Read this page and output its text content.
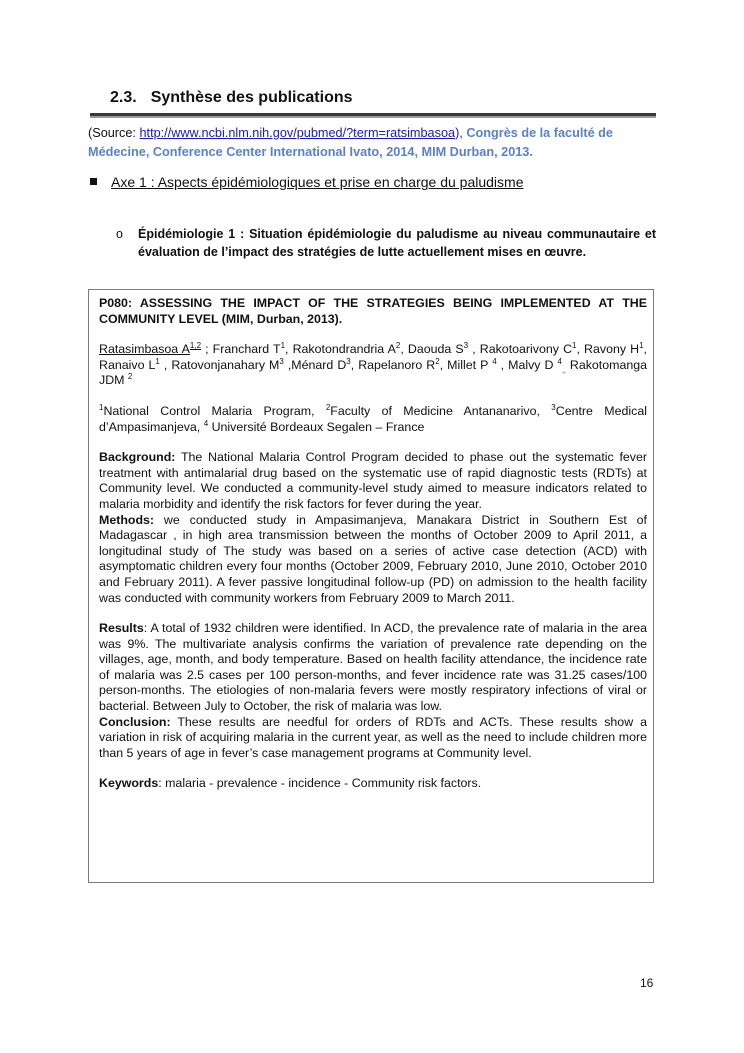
2.3. Synthèse des publications
(Source: http://www.ncbi.nlm.nih.gov/pubmed/?term=ratsimbasoa), Congrès de la faculté de Médecine, Conference Center International Ivato, 2014, MIM Durban, 2013.
Axe 1 : Aspects épidémiologiques et prise en charge du paludisme
o Épidémiologie 1 : Situation épidémiologie du paludisme au niveau communautaire et évaluation de l’impact des stratégies de lutte actuellement mises en œuvre.

P080: ASSESSING THE IMPACT OF THE STRATEGIES BEING IMPLEMENTED AT THE COMMUNITY LEVEL (MIM, Durban, 2013).

Ratasimbasoa A$^{1,2}$ ; Franchard $T^1$, Rakotondrandria $A^2$, Daouda $S^3$ , Rakotoarivony $C^1$, Ravony $H^1$, Ranaivo $L^1$ , Ratovonjanahary $M^3$ ,Ménard $D^3$, Rapelanoro $R^2$, Millet P $^4$ , Malvy D $^4_{,,}$ Rakotomanga JDM $^2$

$^1$National Control Malaria Program, $^2$Faculty of Medicine Antananarivo, $^3$Centre Medical d’Ampasimanjeva, $^4$ Université Bordeaux Segalen – France

Background: The National Malaria Control Program decided to phase out the systematic fever treatment with antimalarial drug based on the systematic use of rapid diagnostic tests (RDTs) at Community level. We conducted a community-level study aimed to measure indicators related to malaria morbidity and identify the risk factors for fever during the year.

Methods: we conducted study in Ampasimanjeva, Manakara District in Southern Est of Madagascar , in high area transmission between the months of October 2009 to April 2011, a longitudinal study of The study was based on a series of active case detection (ACD) with asymptomatic children every four months (October 2009, February 2010, June 2010, October 2010 and February 2011). A fever passive longitudinal follow-up (PD) on admission to the health facility was conducted with community workers from February 2009 to March 2011.

Results: A total of 1932 children were identified. In ACD, the prevalence rate of malaria in the area was 9%. The multivariate analysis confirms the variation of prevalence rate depending on the villages, age, month, and body temperature. Based on health facility attendance, the incidence rate of malaria was 2.5 cases per 100 person-months, and fever incidence rate was 31.25 cases/100 person-months. The etiologies of non-malaria fevers were mostly respiratory infections of viral or bacterial. Between July to October, the risk of malaria was low.

Conclusion: These results are needful for orders of RDTs and ACTs. These results show a variation in risk of acquiring malaria in the current year, as well as the need to include children more than 5 years of age in fever’s case management programs at Community level.

Keywords: malaria - prevalence - incidence - Community risk factors.

16
